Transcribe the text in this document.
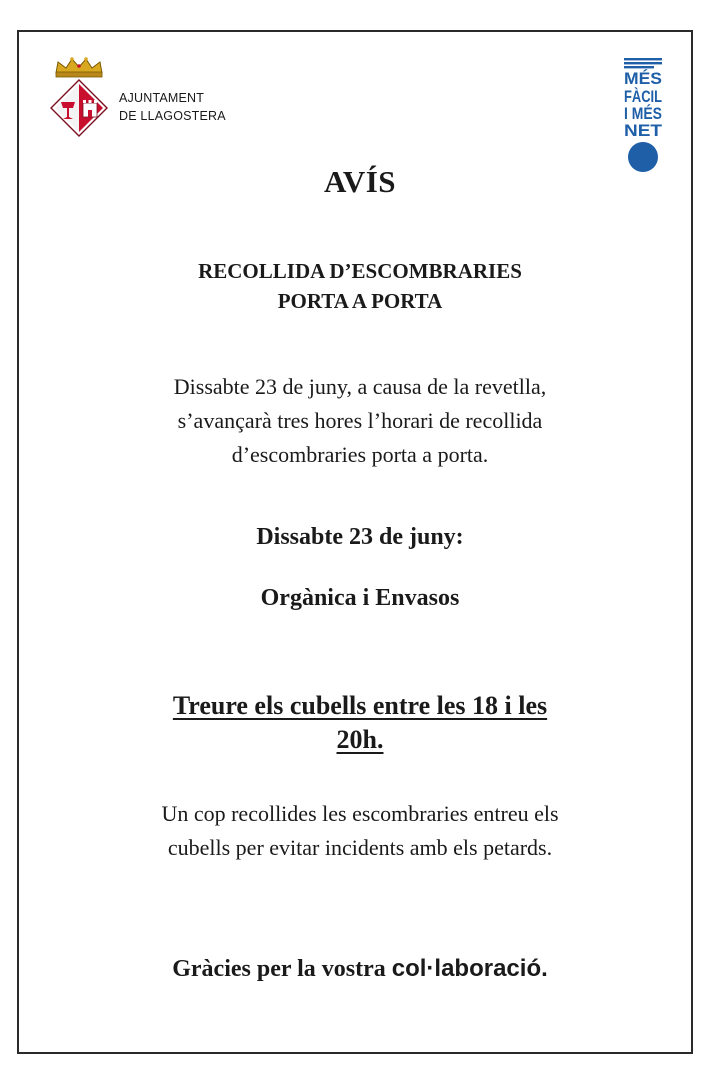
AJUNTAMENT
DE LLAGOSTERA
MÉS
FÀCIL
I MÉS
NET
AVÍS
RECOLLIDA D’ESCOMBRARIES
PORTA A PORTA
Dissabte 23 de juny, a causa de la revetlla,
s’avançarà tres hores l’horari de recollida
d’escombraries porta a porta.
Dissabte 23 de juny:
Orgànica i Envasos
Treure els cubells entre les 18 i les
20h.
Un cop recollides les escombraries entreu els
cubells per evitar incidents amb els petards.
Gràcies per la vostra col·laboració.
